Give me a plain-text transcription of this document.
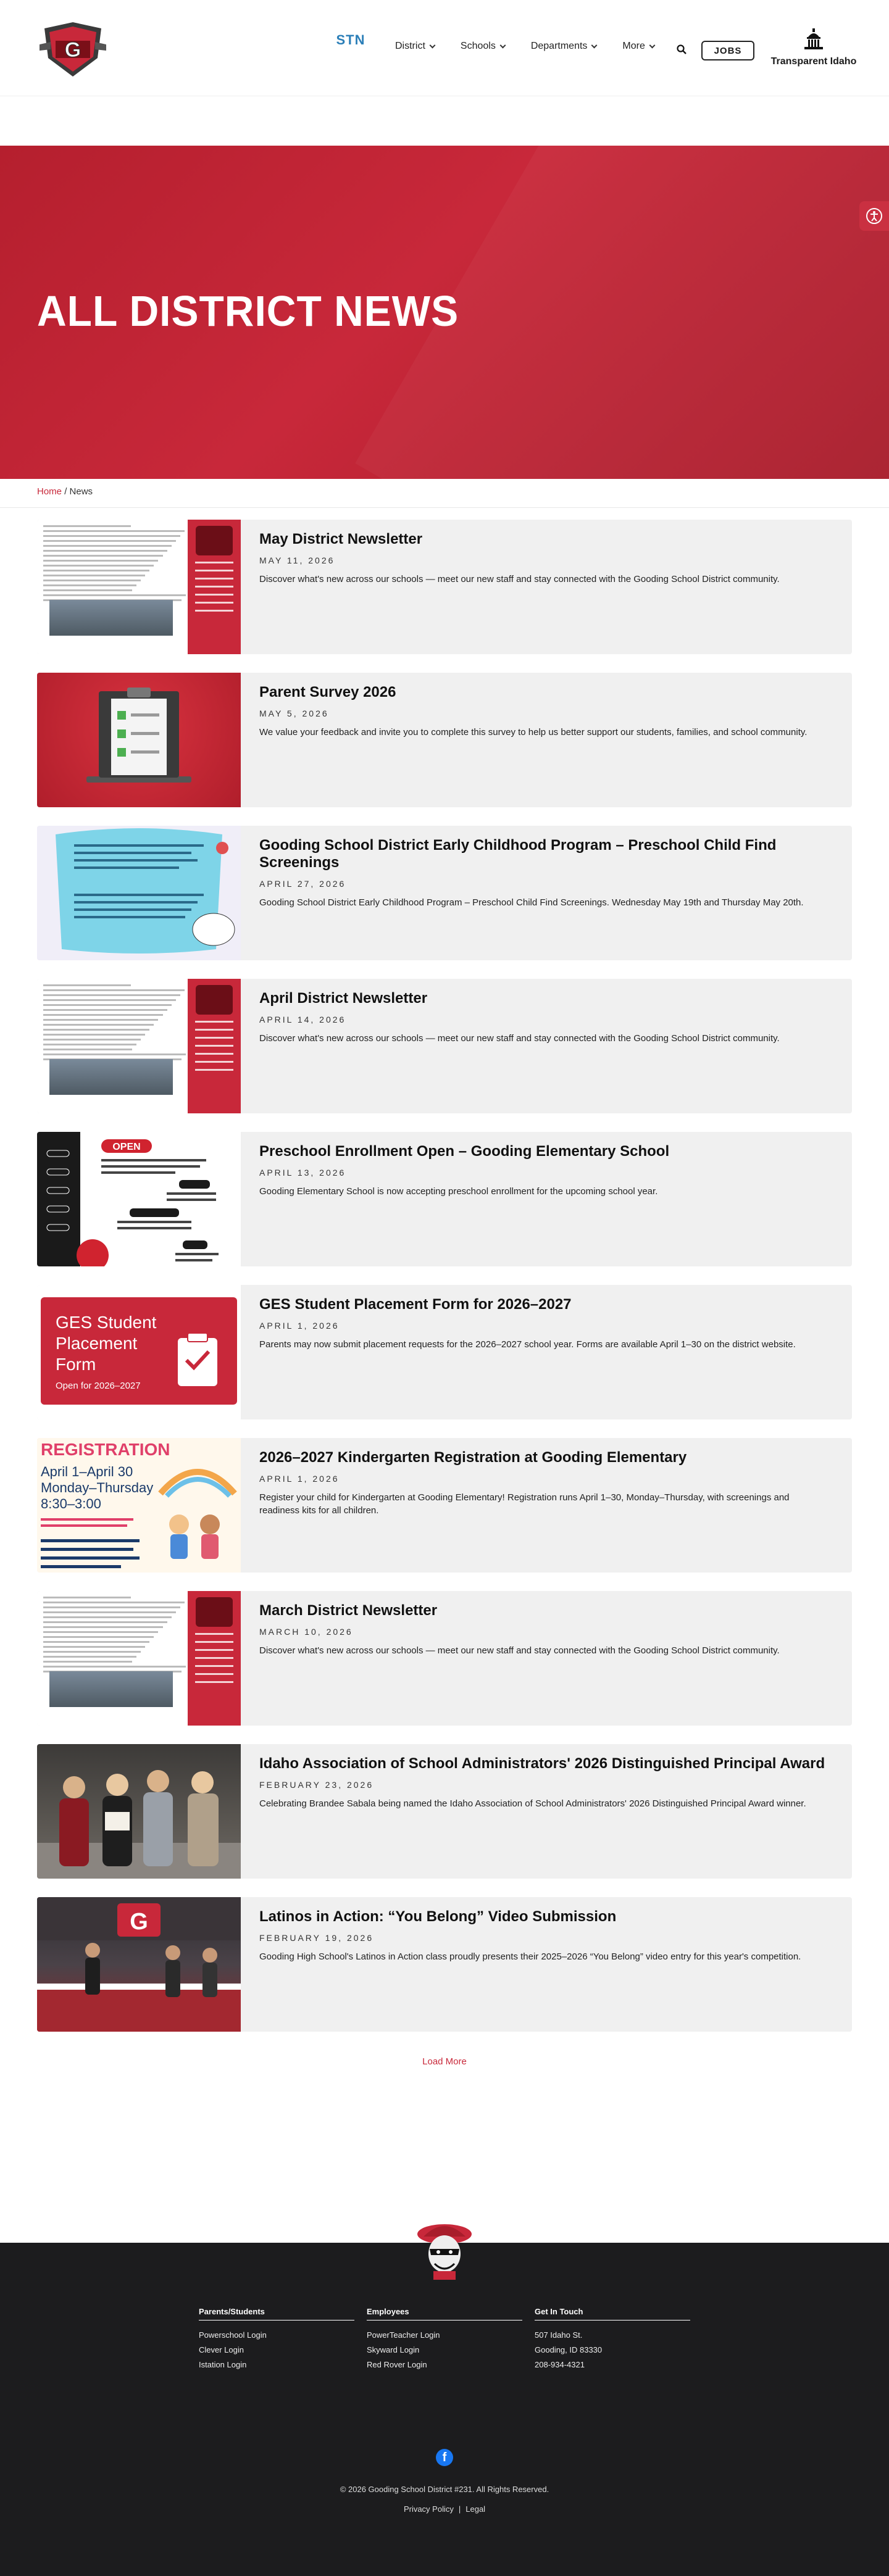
G	STN	District	Schools	Departments	More	JOBS
Transparent Idaho
ALL DISTRICT NEWS
Home / News
May District Newsletter
MAY 11, 2026
Discover what's new across our schools — meet our new staff and stay connected with the Gooding School District community.
Parent Survey 2026
MAY 5, 2026
We value your feedback and invite you to complete this survey to help us better support our students, families, and school community.
Gooding School District Early Childhood Program – Preschool Child Find Screenings
APRIL 27, 2026
Gooding School District Early Childhood Program – Preschool Child Find Screenings. Wednesday May 19th and Thursday May 20th.
April District Newsletter
APRIL 14, 2026
Discover what's new across our schools — meet our new staff and stay connected with the Gooding School District community.
OPEN	Preschool Enrollment Open – Gooding Elementary School
APRIL 13, 2026
Gooding Elementary School is now accepting preschool enrollment for the upcoming school year.
GES Student
Placement
Form
Open for 2026–2027
GES Student Placement Form for 2026–2027
APRIL 1, 2026
Parents may now submit placement requests for the 2026–2027 school year. Forms are available April 1–30 on the district website.
REGISTRATION
April 1–April 30
Monday–Thursday
8:30–3:00
2026–2027 Kindergarten Registration at Gooding Elementary
APRIL 1, 2026
Register your child for Kindergarten at Gooding Elementary! Registration runs April 1–30, Monday–Thursday, with screenings and readiness kits for all children.
March District Newsletter
MARCH 10, 2026
Discover what's new across our schools — meet our new staff and stay connected with the Gooding School District community.
Idaho Association of School Administrators' 2026 Distinguished Principal Award
FEBRUARY 23, 2026
Celebrating Brandee Sabala being named the Idaho Association of School Administrators' 2026 Distinguished Principal Award winner.
G	Latinos in Action: “You Belong” Video Submission
FEBRUARY 19, 2026
Gooding High School's Latinos in Action class proudly presents their 2025–2026 “You Belong” video entry for this year's competition.
Load More
Parents/Students
Powerschool Login
Clever Login
Istation Login
Employees
PowerTeacher Login
Skyward Login
Red Rover Login
Get In Touch
507 Idaho St.
Gooding, ID 83330
208-934-4321
f
© 2026 Gooding School District #231. All Rights Reserved.
Privacy Policy | Legal
